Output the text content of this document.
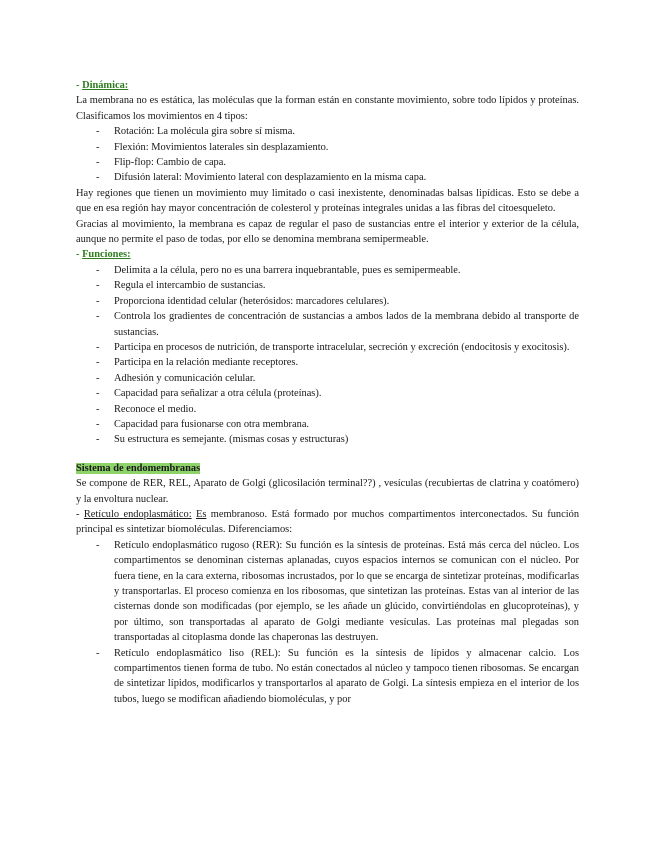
- Dinámica:

La membrana no es estática, las moléculas que la forman están en constante movimiento, sobre todo lípidos y proteínas. Clasificamos los movimientos en 4 tipos:

- Rotación: La molécula gira sobre sí misma.
- Flexión: Movimientos laterales sin desplazamiento.
- Flip-flop: Cambio de capa.
- Difusión lateral: Movimiento lateral con desplazamiento en la misma capa.

Hay regiones que tienen un movimiento muy limitado o casi inexistente, denominadas balsas lipídicas. Esto se debe a que en esa región hay mayor concentración de colesterol y proteínas integrales unidas a las fibras del citoesqueleto.

Gracias al movimiento, la membrana es capaz de regular el paso de sustancias entre el interior y exterior de la célula, aunque no permite el paso de todas, por ello se denomina membrana semipermeable.

- Funciones:

- Delimita a la célula, pero no es una barrera inquebrantable, pues es semipermeable.
- Regula el intercambio de sustancias.
- Proporciona identidad celular (heterósidos: marcadores celulares).
- Controla los gradientes de concentración de sustancias a ambos lados de la membrana debido al transporte de sustancias.
- Participa en procesos de nutrición, de transporte intracelular, secreción y excreción (endocitosis y exocitosis).
- Participa en la relación mediante receptores.
- Adhesión y comunicación celular.
- Capacidad para señalizar a otra célula (proteínas).
- Reconoce el medio.
- Capacidad para fusionarse con otra membrana.
- Su estructura es semejante. (mismas cosas y estructuras)

Sistema de endomembranas

Se compone de RER, REL, Aparato de Golgi (glicosilación terminal??) , vesículas (recubiertas de clatrina y coatómero) y la envoltura nuclear.

- Retículo endoplasmático: Es membranoso. Está formado por muchos compartimentos interconectados. Su función principal es sintetizar biomoléculas. Diferenciamos:

- Retículo endoplasmático rugoso (RER): Su función es la síntesis de proteínas. Está más cerca del núcleo. Los compartimentos se denominan cisternas aplanadas, cuyos espacios internos se comunican con el núcleo. Por fuera tiene, en la cara externa, ribosomas incrustados, por lo que se encarga de sintetizar proteínas, modificarlas y transportarlas. El proceso comienza en los ribosomas, que sintetizan las proteínas. Estas van al interior de las cisternas donde son modificadas (por ejemplo, se les añade un glúcido, convirtiéndolas en glucoproteínas), y por último, son transportadas al aparato de Golgi mediante vesículas. Las proteínas mal plegadas son transportadas al citoplasma donde las chaperonas las destruyen.
- Retículo endoplasmático liso (REL): Su función es la síntesis de lípidos y almacenar calcio. Los compartimentos tienen forma de tubo. No están conectados al núcleo y tampoco tienen ribosomas. Se encargan de sintetizar lípidos, modificarlos y transportarlos al aparato de Golgi. La síntesis empieza en el interior de los tubos, luego se modifican añadiendo biomoléculas, y por
